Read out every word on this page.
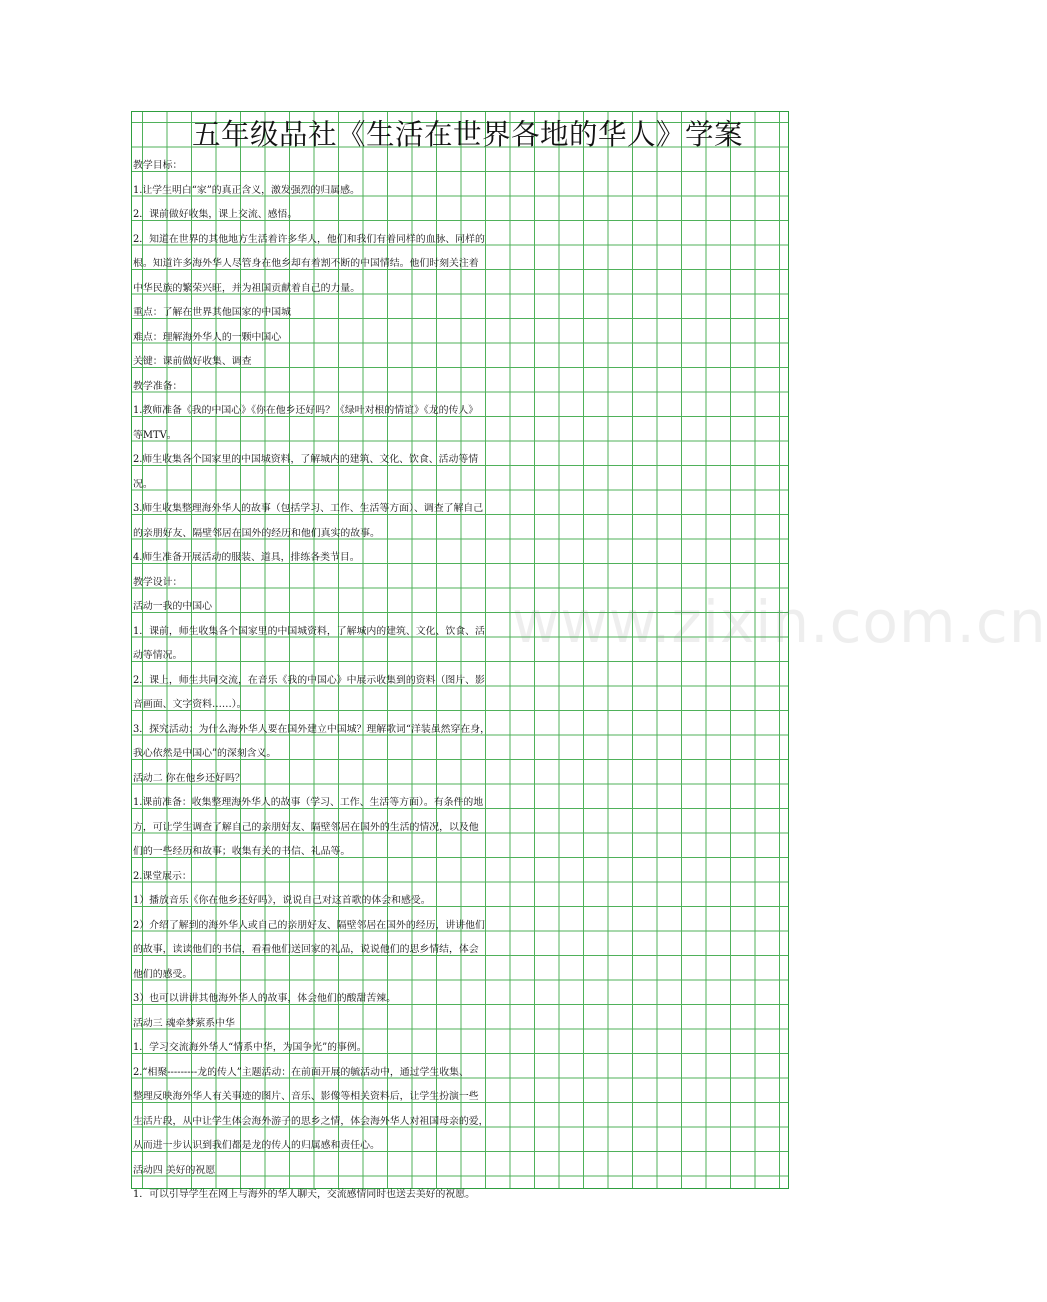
五年级品社《生活在世界各地的华人》学案
教学目标：
1.让学生明白“家”的真正含义，激发强烈的归属感。
2．课前做好收集，课上交流、感悟。
2．知道在世界的其他地方生活着许多华人，他们和我们有着同样的血脉、同样的
根。知道许多海外华人尽管身在他乡却有着割不断的中国情结。他们时刻关注着
中华民族的繁荣兴旺，并为祖国贡献着自己的力量。
重点：了解在世界其他国家的中国城
难点：理解海外华人的一颗中国心
关键：课前做好收集、调查
教学准备：
1.教师准备《我的中国心》《你在他乡还好吗？《绿叶对根的情谊》《龙的传人》
等MTV。
2.师生收集各个国家里的中国城资料，了解城内的建筑、文化、饮食、活动等情
况。
3.师生收集整理海外华人的故事（包括学习、工作、生活等方面）、调查了解自己
的亲朋好友、隔壁邻居在国外的经历和他们真实的故事。
4.师生准备开展活动的服装、道具，排练各类节目。
教学设计：
活动一我的中国心
1．课前，师生收集各个国家里的中国城资料，了解城内的建筑、文化、饮食、活
动等情况。
2．课上，师生共同交流，在音乐《我的中国心》中展示收集到的资料（图片、影
音画面、文字资料……）。
3．探究活动：为什么海外华人要在国外建立中国城？理解歌词“洋装虽然穿在身，
我心依然是中国心”的深刻含义。
活动二 你在他乡还好吗？
1.课前准备：收集整理海外华人的故事（学习、工作、生活等方面）。有条件的地
方，可让学生调查了解自己的亲朋好友、隔壁邻居在国外的生活的情况，以及他
们的一些经历和故事；收集有关的书信、礼品等。
2.课堂展示：
1）播放音乐《你在他乡还好吗》，说说自己对这首歌的体会和感受。
2）介绍了解到的海外华人或自己的亲朋好友、隔壁邻居在国外的经历，讲讲他们
的故事，读读他们的书信，看看他们送回家的礼品，说说他们的思乡情结，体会
他们的感受。
3）也可以讲讲其他海外华人的故事，体会他们的酸甜苦辣。
活动三 魂牵梦萦系中华
1．学习交流海外华人“情系中华，为国争光”的事例。
2.“相聚---------龙的传人”主题活动：在前面开展的毓活动中，通过学生收集、
整理反映海外华人有关事迹的图片、音乐、影像等相关资料后，让学生扮演一些
生活片段，从中让学生体会海外游子的思乡之情，体会海外华人对祖国母亲的爱，
从而进一步认识到我们都是龙的传人的归属感和责任心。
活动四 美好的祝愿
1．可以引导学生在网上与海外的华人聊天，交流感情同时也送去美好的祝愿。
